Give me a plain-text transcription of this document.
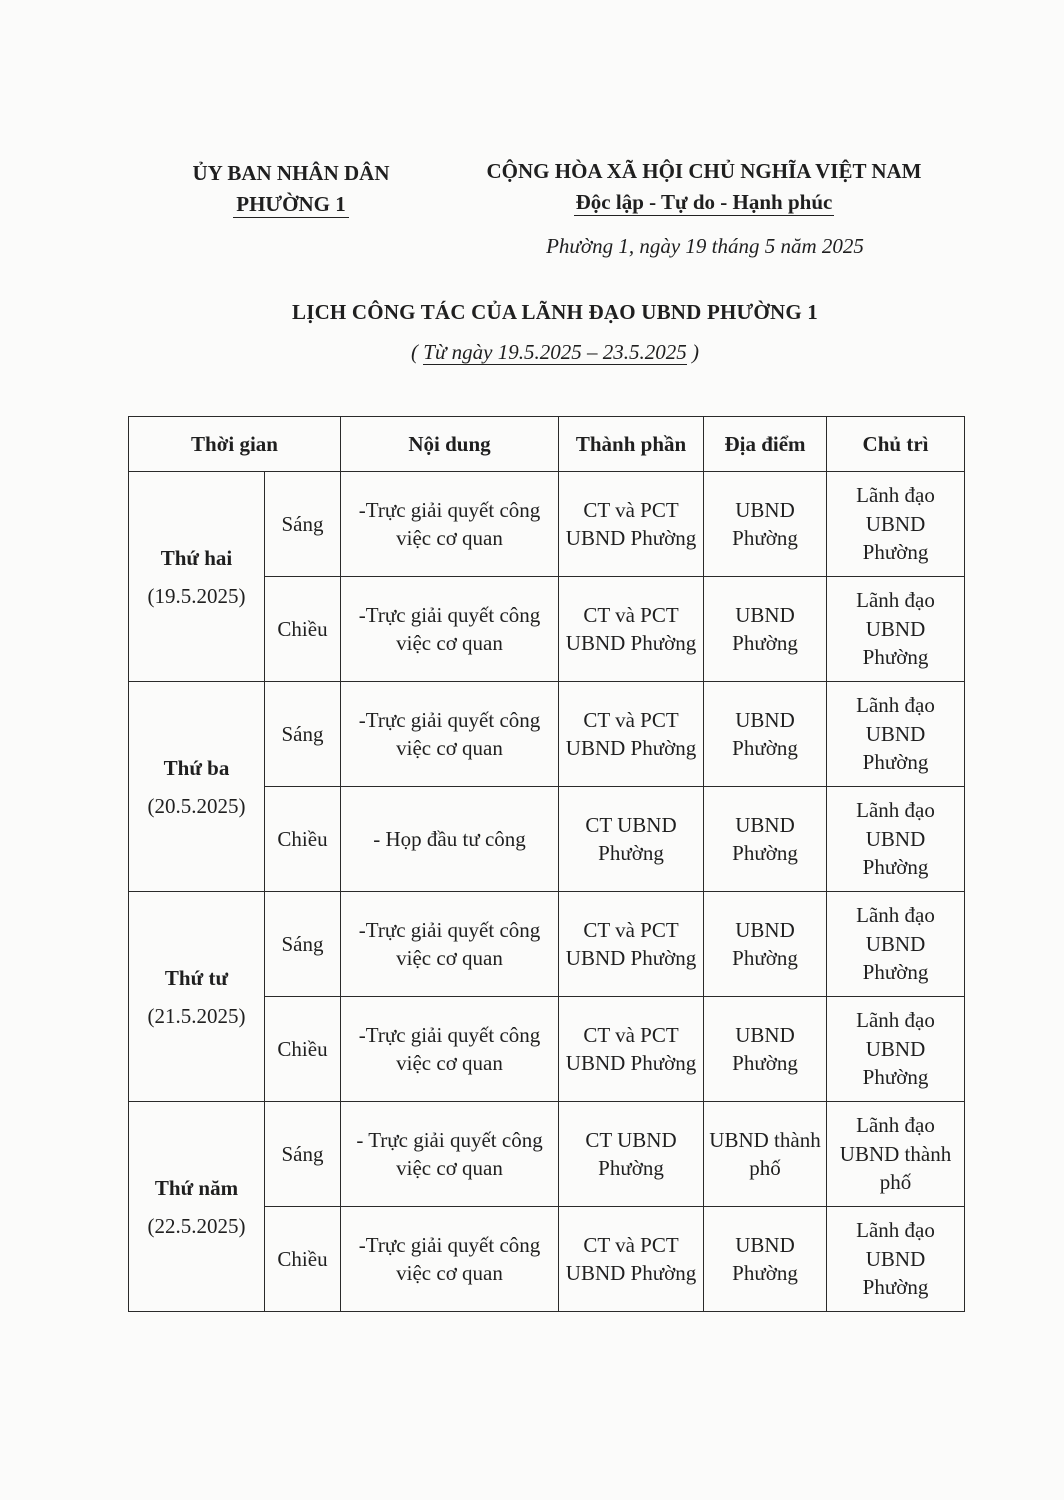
ỦY BAN NHÂN DÂN
PHƯỜNG 1
CỘNG HÒA XÃ HỘI CHỦ NGHĨA VIỆT NAM
Độc lập - Tự do - Hạnh phúc
Phường 1, ngày 19 tháng 5 năm 2025
LỊCH CÔNG TÁC CỦA LÃNH ĐẠO UBND PHƯỜNG 1
( Từ ngày 19.5.2025 – 23.5.2025 )
Thời gian		Nội dung	Thành phần	Địa điểm	Chủ trì

Thứ hai
(19.5.2025)	Sáng	-Trực giải quyết công việc cơ quan	CT và PCT UBND Phường	UBND Phường	Lãnh đạo UBND Phường
	Chiều	-Trực giải quyết công việc cơ quan	CT và PCT UBND Phường	UBND Phường	Lãnh đạo UBND Phường

Thứ ba
(20.5.2025)	Sáng	-Trực giải quyết công việc cơ quan	CT và PCT UBND Phường	UBND Phường	Lãnh đạo UBND Phường
	Chiều	- Họp đầu tư công	CT UBND Phường	UBND Phường	Lãnh đạo UBND Phường

Thứ tư
(21.5.2025)	Sáng	-Trực giải quyết công việc cơ quan	CT và PCT UBND Phường	UBND Phường	Lãnh đạo UBND Phường
	Chiều	-Trực giải quyết công việc cơ quan	CT và PCT UBND Phường	UBND Phường	Lãnh đạo UBND Phường

Thứ năm
(22.5.2025)	Sáng	- Trực giải quyết công việc cơ quan	CT UBND Phường	UBND thành phố	Lãnh đạo UBND thành phố
	Chiều	-Trực giải quyết công việc cơ quan	CT và PCT UBND Phường	UBND Phường	Lãnh đạo UBND Phường
